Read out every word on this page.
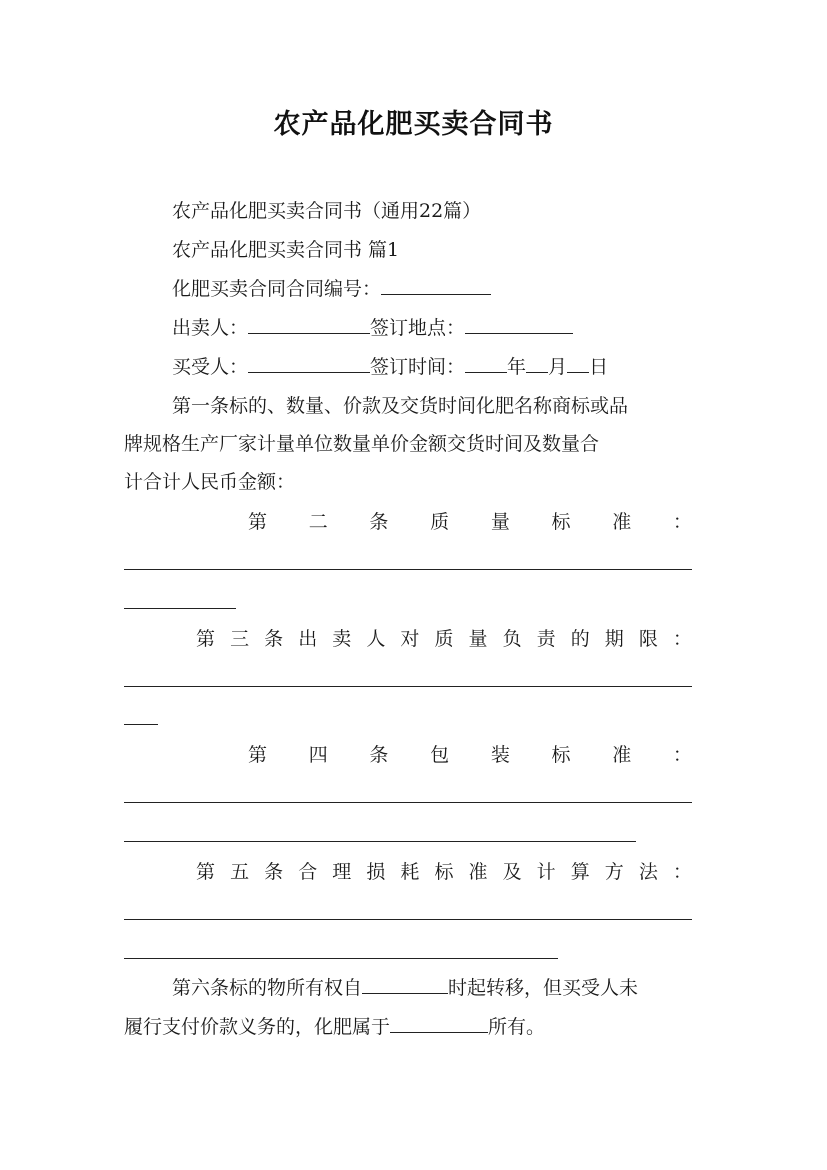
农产品化肥买卖合同书
农产品化肥买卖合同书（通用22篇）
农产品化肥买卖合同书 篇1
化肥买卖合同合同编号：
出卖人：	签订地点：
买受人：	签订时间： 年 月 日
第一条标的、数量、价款及交货时间化肥名称商标或品
牌规格生产厂家计量单位数量单价金额交货时间及数量合
计合计人民币金额：
第 二 条 质 量 标 准 ：
第 三 条 出 卖 人 对 质 量 负 责 的 期 限 ：
第 四 条 包 装 标 准 ：
第 五 条 合 理 损 耗 标 准 及 计 算 方 法 ：
第六条标的物所有权自	时起转移，但买受人未
履行支付价款义务的，化肥属于	所有。
